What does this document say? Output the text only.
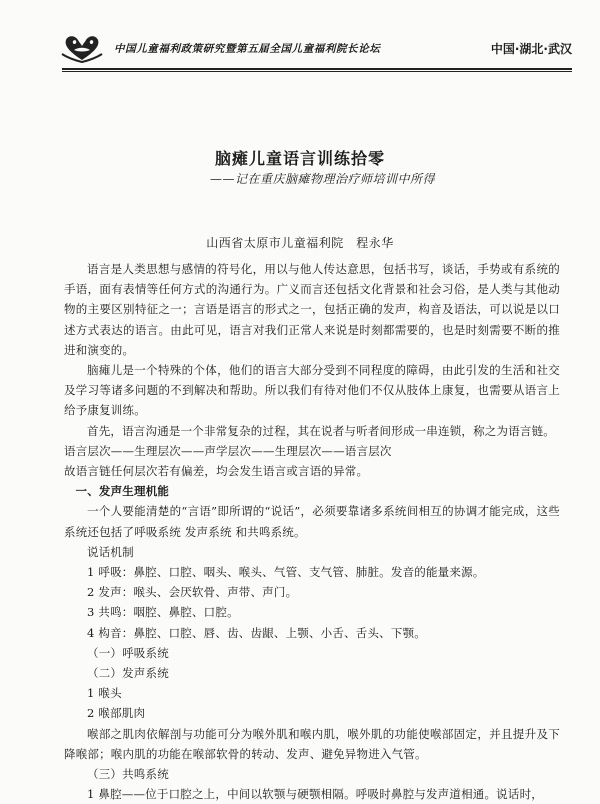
中国儿童福利政策研究暨第五届全国儿童福利院长论坛	中国·湖北·武汉
脑瘫儿童语言训练拾零
——记在重庆脑瘫物理治疗师培训中所得
山西省太原市儿童福利院　程永华

语言是人类思想与感情的符号化，用以与他人传达意思，包括书写，谈话，手势或有系统的手语，面有表情等任何方式的沟通行为。广义而言还包括文化背景和社会习俗，是人类与其他动物的主要区别特征之一；言语是语言的形式之一，包括正确的发声，构音及语法，可以说是以口述方式表达的语言。由此可见，语言对我们正常人来说是时刻都需要的，也是时刻需要不断的推进和演变的。

脑瘫儿是一个特殊的个体，他们的语言大部分受到不同程度的障碍，由此引发的生活和社交及学习等诸多问题的不到解决和帮助。所以我们有待对他们不仅从肢体上康复，也需要从语言上给予康复训练。

首先，语言沟通是一个非常复杂的过程，其在说者与听者间形成一串连锁，称之为语言链。

语言层次——生理层次——声学层次——生理层次——语言层次

故语言链任何层次若有偏差，均会发生语言或言语的异常。

一、发声生理机能

一个人要能清楚的“言语”即所谓的“说话”，必须要靠诸多系统间相互的协调才能完成，这些系统还包括了呼吸系统 发声系统 和共鸣系统。

说话机制

1 呼吸：鼻腔、口腔、咽头、喉头、气管、支气管、肺脏。发音的能量来源。

2 发声：喉头、会厌软骨、声带、声门。

3 共鸣：咽腔、鼻腔、口腔。

4 构音：鼻腔、口腔、唇、齿、齿龈、上颚、小舌、舌头、下颚。

（一）呼吸系统

（二）发声系统

1 喉头

2 喉部肌肉

喉部之肌肉依解剖与功能可分为喉外肌和喉内肌，喉外肌的功能使喉部固定，并且提升及下降喉部；喉内肌的功能在喉部软骨的转动、发声、避免异物进入气管。

（三）共鸣系统

1 鼻腔——位于口腔之上，中间以软颚与硬颚相隔。呼吸时鼻腔与发声道相通。说话时，
